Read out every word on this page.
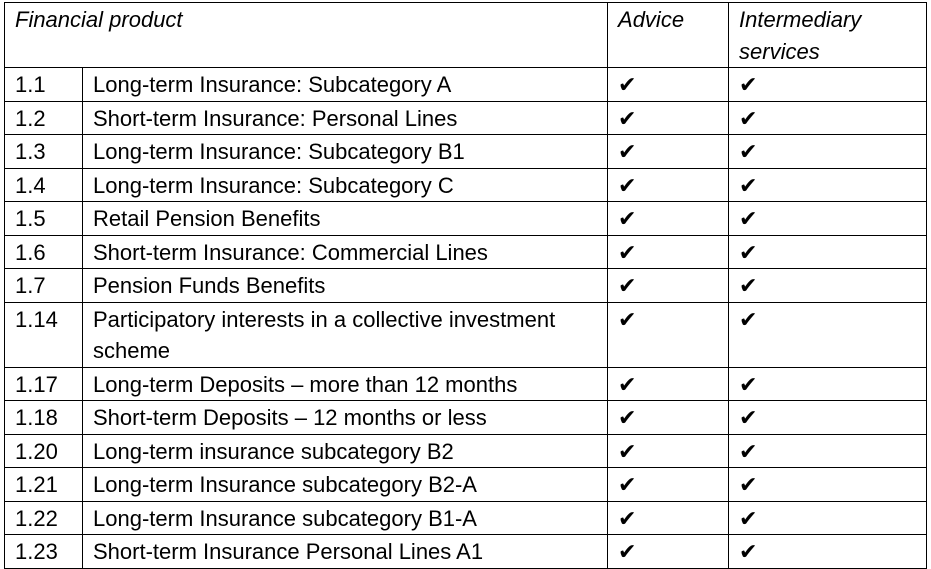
Financial product		Advice	Intermediary services
1.1	Long-term Insurance: Subcategory A	✔	✔
1.2	Short-term Insurance: Personal Lines	✔	✔
1.3	Long-term Insurance: Subcategory B1	✔	✔
1.4	Long-term Insurance: Subcategory C	✔	✔
1.5	Retail Pension Benefits	✔	✔
1.6	Short-term Insurance: Commercial Lines	✔	✔
1.7	Pension Funds Benefits	✔	✔
1.14	Participatory interests in a collective investment scheme	✔	✔
1.17	Long-term Deposits – more than 12 months	✔	✔
1.18	Short-term Deposits – 12 months or less	✔	✔
1.20	Long-term insurance subcategory B2	✔	✔
1.21	Long-term Insurance subcategory B2-A	✔	✔
1.22	Long-term Insurance subcategory B1-A	✔	✔
1.23	Short-term Insurance Personal Lines A1	✔	✔
